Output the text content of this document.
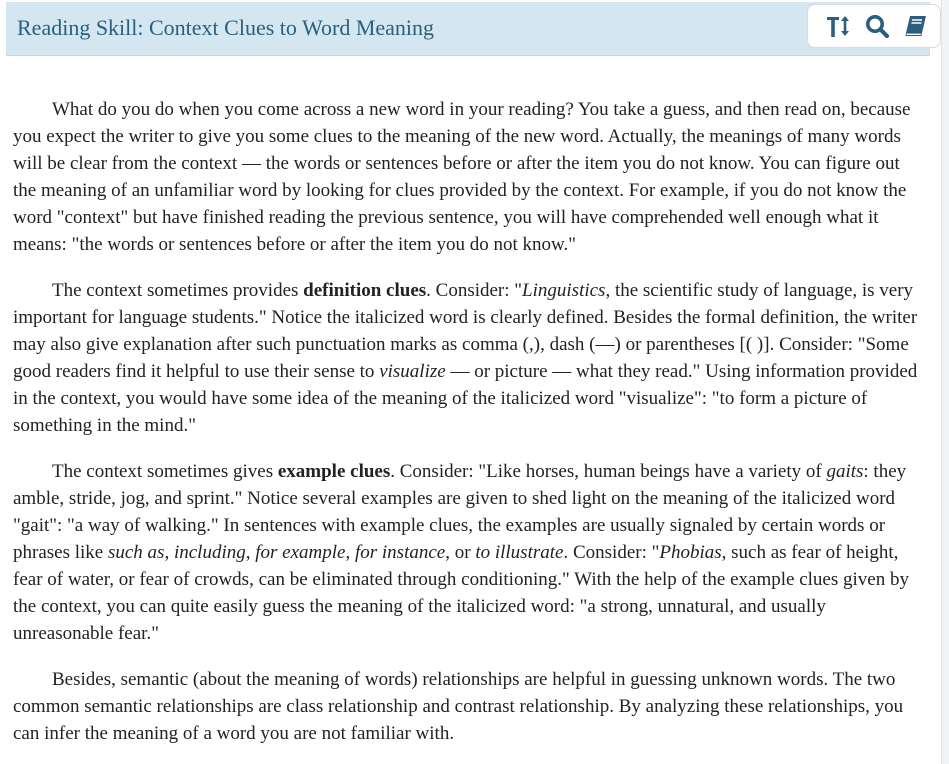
Reading Skill: Context Clues to Word Meaning

What do you do when you come across a new word in your reading? You take a guess, and then read on, because you expect the writer to give you some clues to the meaning of the new word. Actually, the meanings of many words will be clear from the context — the words or sentences before or after the item you do not know. You can figure out the meaning of an unfamiliar word by looking for clues provided by the context. For example, if you do not know the word "context" but have finished reading the previous sentence, you will have comprehended well enough what it means: "the words or sentences before or after the item you do not know."

The context sometimes provides definition clues. Consider: "Linguistics, the scientific study of language, is very important for language students." Notice the italicized word is clearly defined. Besides the formal definition, the writer may also give explanation after such punctuation marks as comma (,), dash (—) or parentheses [( )]. Consider: "Some good readers find it helpful to use their sense to visualize — or picture — what they read." Using information provided in the context, you would have some idea of the meaning of the italicized word "visualize": "to form a picture of something in the mind."

The context sometimes gives example clues. Consider: "Like horses, human beings have a variety of gaits: they amble, stride, jog, and sprint." Notice several examples are given to shed light on the meaning of the italicized word "gait": "a way of walking." In sentences with example clues, the examples are usually signaled by certain words or phrases like such as, including, for example, for instance, or to illustrate. Consider: "Phobias, such as fear of height, fear of water, or fear of crowds, can be eliminated through conditioning." With the help of the example clues given by the context, you can quite easily guess the meaning of the italicized word: "a strong, unnatural, and usually unreasonable fear."

Besides, semantic (about the meaning of words) relationships are helpful in guessing unknown words. The two common semantic relationships are class relationship and contrast relationship. By analyzing these relationships, you can infer the meaning of a word you are not familiar with.
